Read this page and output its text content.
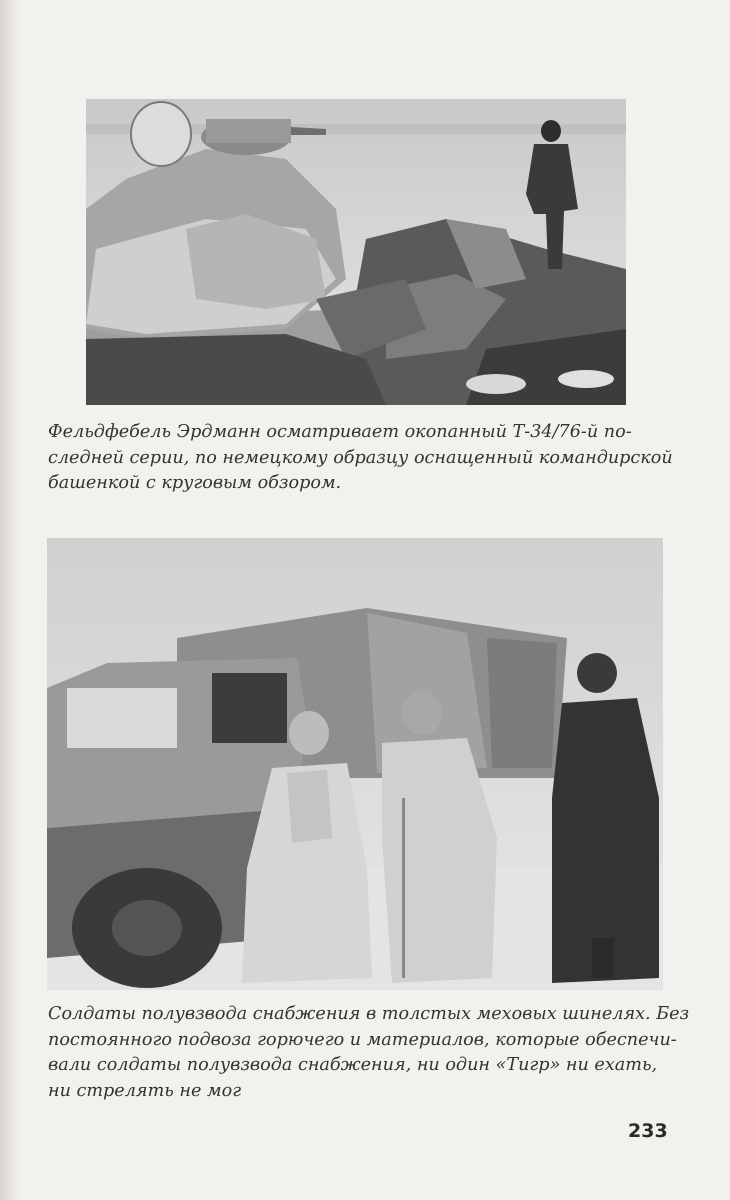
Фельдфебель Эрдманн осматривает окопанный Т-34/76-й по-
следней серии, по немецкому образцу оснащенный командирской
башенкой с круговым обзором.
Солдаты полувзвода снабжения в толстых меховых шинелях. Без
постоянного подвоза горючего и материалов, которые обеспечи-
вали солдаты полувзвода снабжения, ни один «Тигр» ни ехать,
ни стрелять не мог
233
